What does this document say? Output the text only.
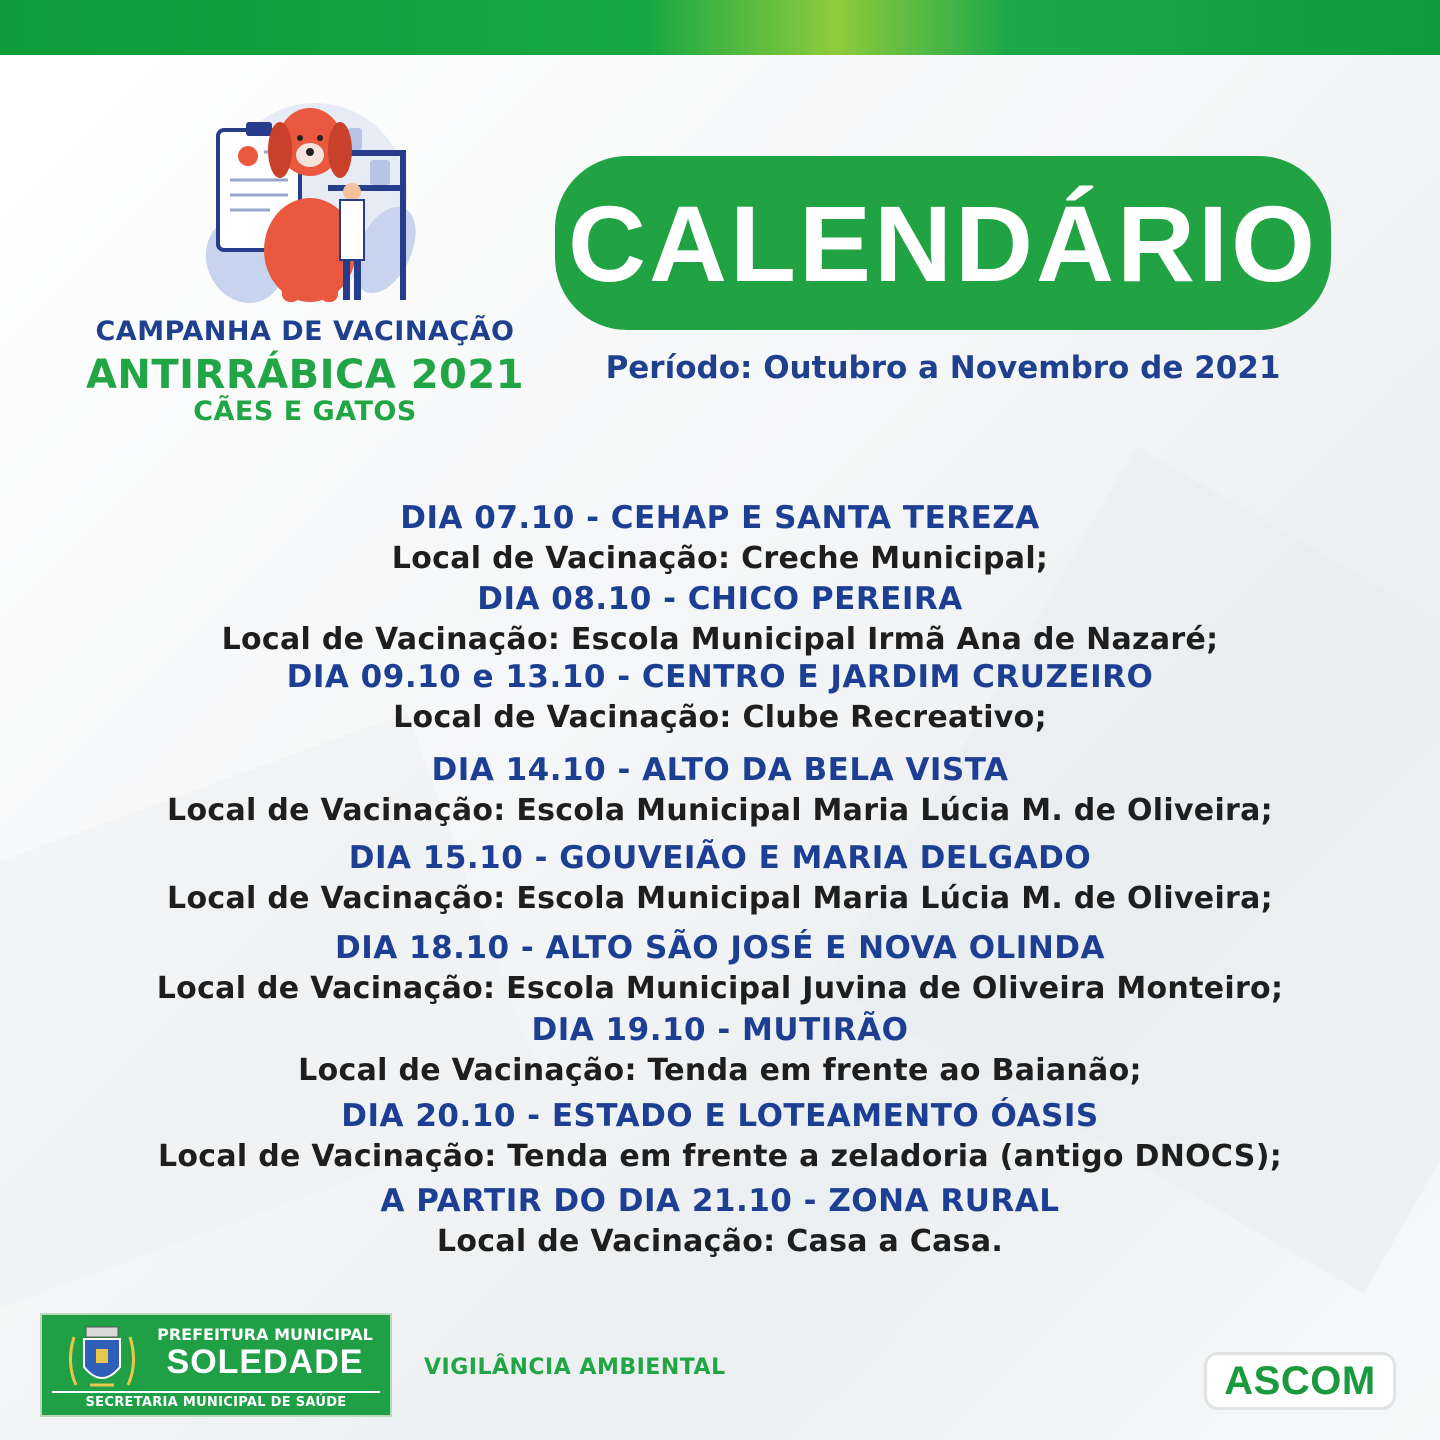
CAMPANHA DE VACINAÇÃO
ANTIRRÁBICA 2021
CÃES E GATOS
CALENDÁRIO
Período: Outubro a Novembro de 2021
DIA 07.10 - CEHAP E SANTA TEREZA
Local de Vacinação: Creche Municipal;
DIA 08.10 - CHICO PEREIRA
Local de Vacinação: Escola Municipal Irmã Ana de Nazaré;
DIA 09.10 e 13.10 - CENTRO E JARDIM CRUZEIRO
Local de Vacinação: Clube Recreativo;
DIA 14.10 - ALTO DA BELA VISTA
Local de Vacinação: Escola Municipal Maria Lúcia M. de Oliveira;
DIA 15.10 - GOUVEIÃO E MARIA DELGADO
Local de Vacinação: Escola Municipal Maria Lúcia M. de Oliveira;
DIA 18.10 - ALTO SÃO JOSÉ E NOVA OLINDA
Local de Vacinação: Escola Municipal Juvina de Oliveira Monteiro;
DIA 19.10 - MUTIRÃO
Local de Vacinação: Tenda em frente ao Baianão;
DIA 20.10 - ESTADO E LOTEAMENTO ÓASIS
Local de Vacinação: Tenda em frente a zeladoria (antigo DNOCS);
A PARTIR DO DIA 21.10 - ZONA RURAL
Local de Vacinação: Casa a Casa.
PREFEITURA MUNICIPAL
SOLEDADE
SECRETARIA MUNICIPAL DE SAÚDE
VIGILÂNCIA AMBIENTAL	ASCOM
